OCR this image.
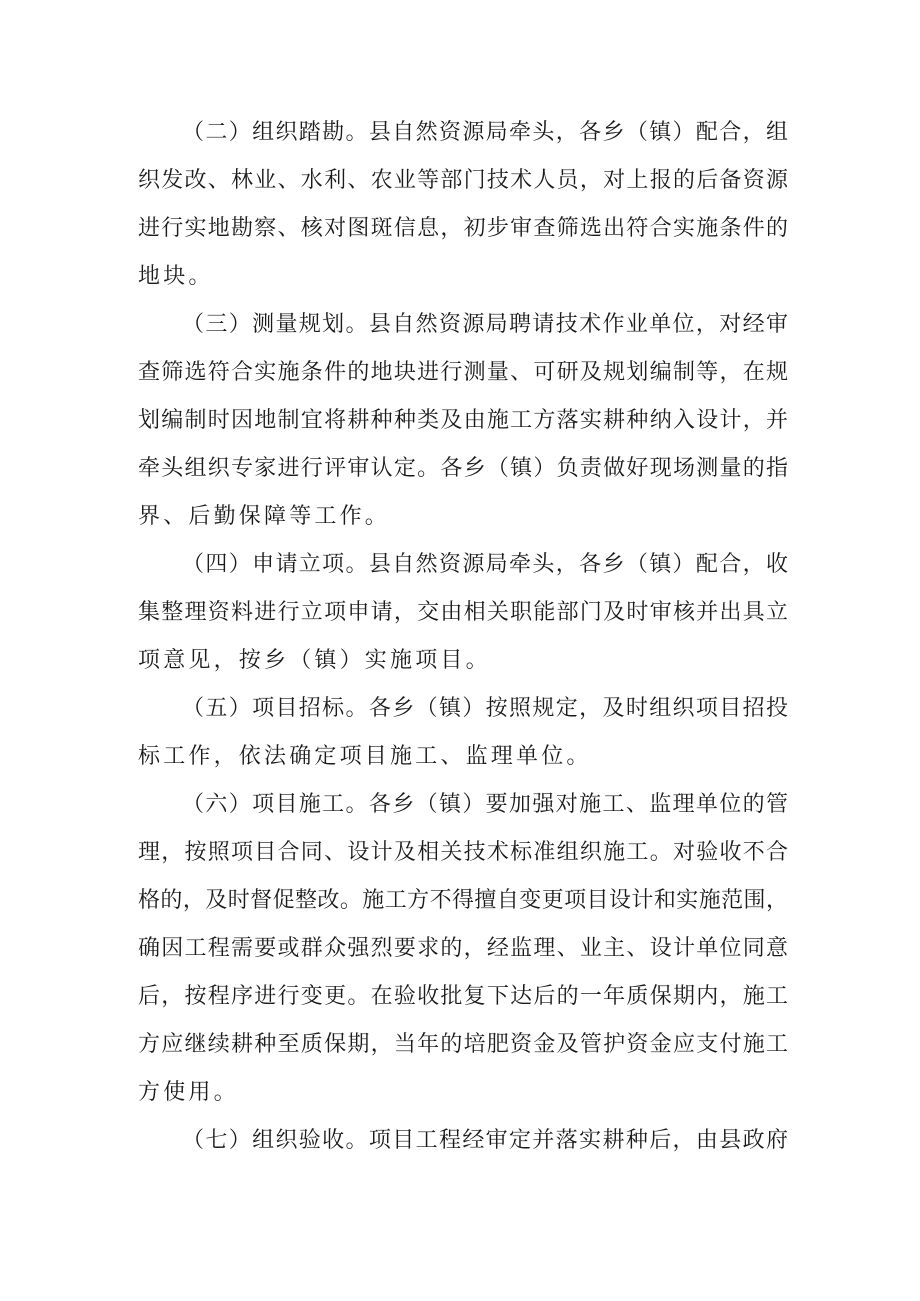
（二）组织踏勘。县自然资源局牵头，各乡（镇）配合，组
织发改、林业、水利、农业等部门技术人员，对上报的后备资源
进行实地勘察、核对图斑信息，初步审查筛选出符合实施条件的
地块。
（三）测量规划。县自然资源局聘请技术作业单位，对经审
查筛选符合实施条件的地块进行测量、可研及规划编制等，在规
划编制时因地制宜将耕种种类及由施工方落实耕种纳入设计，并
牵头组织专家进行评审认定。各乡（镇）负责做好现场测量的指
界、后勤保障等工作。
（四）申请立项。县自然资源局牵头，各乡（镇）配合，收
集整理资料进行立项申请，交由相关职能部门及时审核并出具立
项意见，按乡（镇）实施项目。
（五）项目招标。各乡（镇）按照规定，及时组织项目招投
标工作，依法确定项目施工、监理单位。
（六）项目施工。各乡（镇）要加强对施工、监理单位的管
理，按照项目合同、设计及相关技术标准组织施工。对验收不合
格的，及时督促整改。施工方不得擅自变更项目设计和实施范围，
确因工程需要或群众强烈要求的，经监理、业主、设计单位同意
后，按程序进行变更。在验收批复下达后的一年质保期内，施工
方应继续耕种至质保期，当年的培肥资金及管护资金应支付施工
方使用。
（七）组织验收。项目工程经审定并落实耕种后，由县政府
